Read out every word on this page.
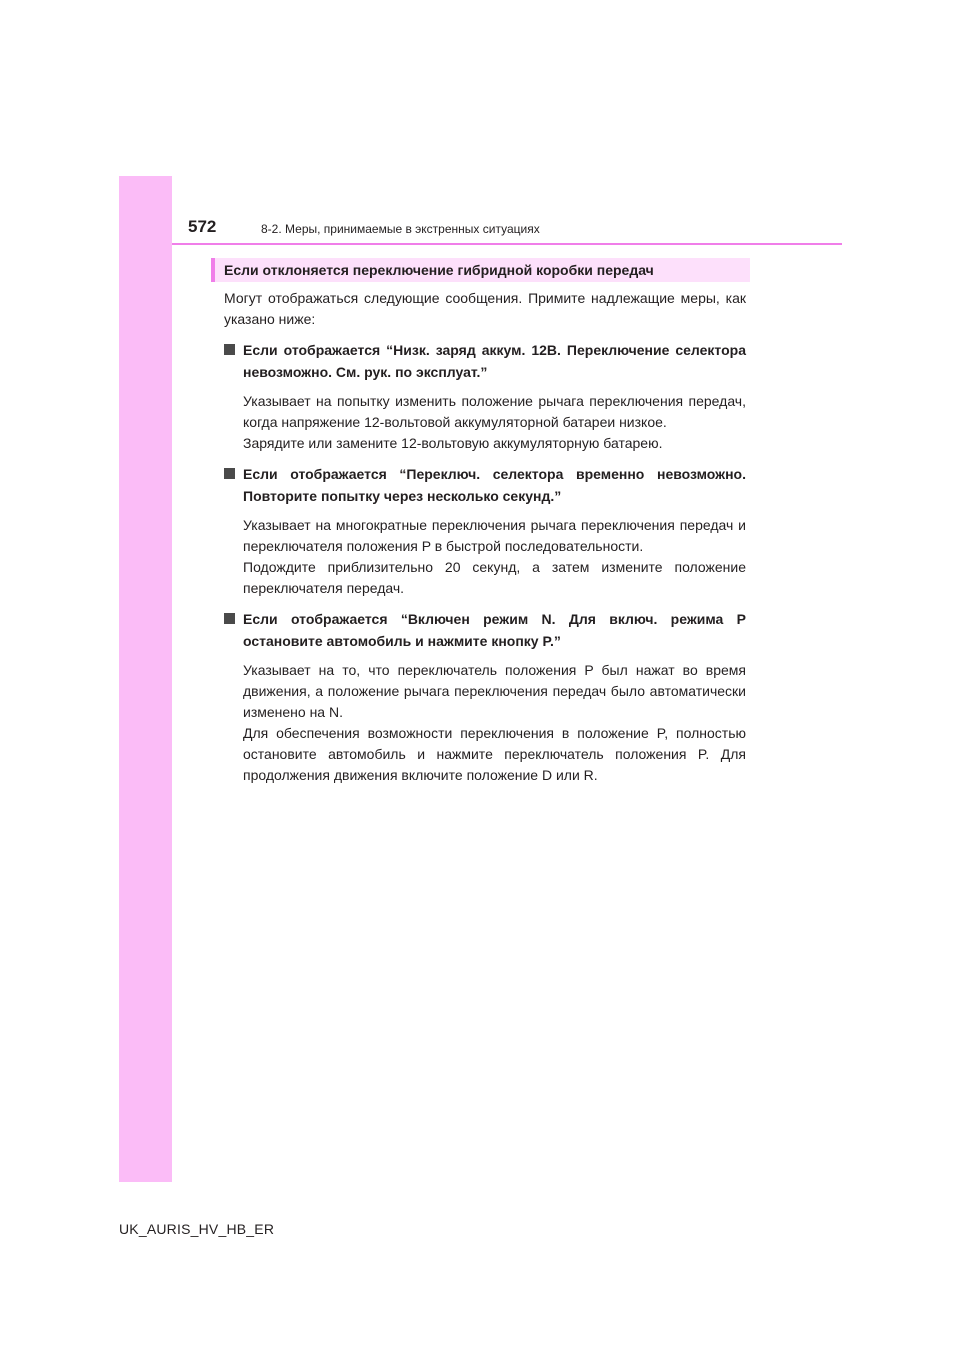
572	8-2. Меры, принимаемые в экстренных ситуациях
Если отклоняется переключение гибридной коробки передач

Могут отображаться следующие сообщения. Примите надлежащие меры, как указано ниже:

Если отображается “Низк. заряд аккум. 12В. Переключение селектора невозможно. См. рук. по эксплуат.”

Указывает на попытку изменить положение рычага переключения передач, когда напряжение 12-вольтовой аккумуляторной батареи низкое.

Зарядите или замените 12-вольтовую аккумуляторную батарею.

Если отображается “Переключ. селектора временно невозможно. Повторите попытку через несколько секунд.”

Указывает на многократные переключения рычага переключения передач и переключателя положения P в быстрой последовательности.

Подождите приблизительно 20 секунд, а затем измените положение переключателя передач.

Если отображается “Включен режим N. Для включ. режима P остановите автомобиль и нажмите кнопку P.”

Указывает на то, что переключатель положения P был нажат во время движения, а положение рычага переключения передач было автоматически изменено на N.

Для обеспечения возможности переключения в положение P, полностью остановите автомобиль и нажмите переключатель положения P. Для продолжения движения включите положение D или R.

UK_AURIS_HV_HB_ER
